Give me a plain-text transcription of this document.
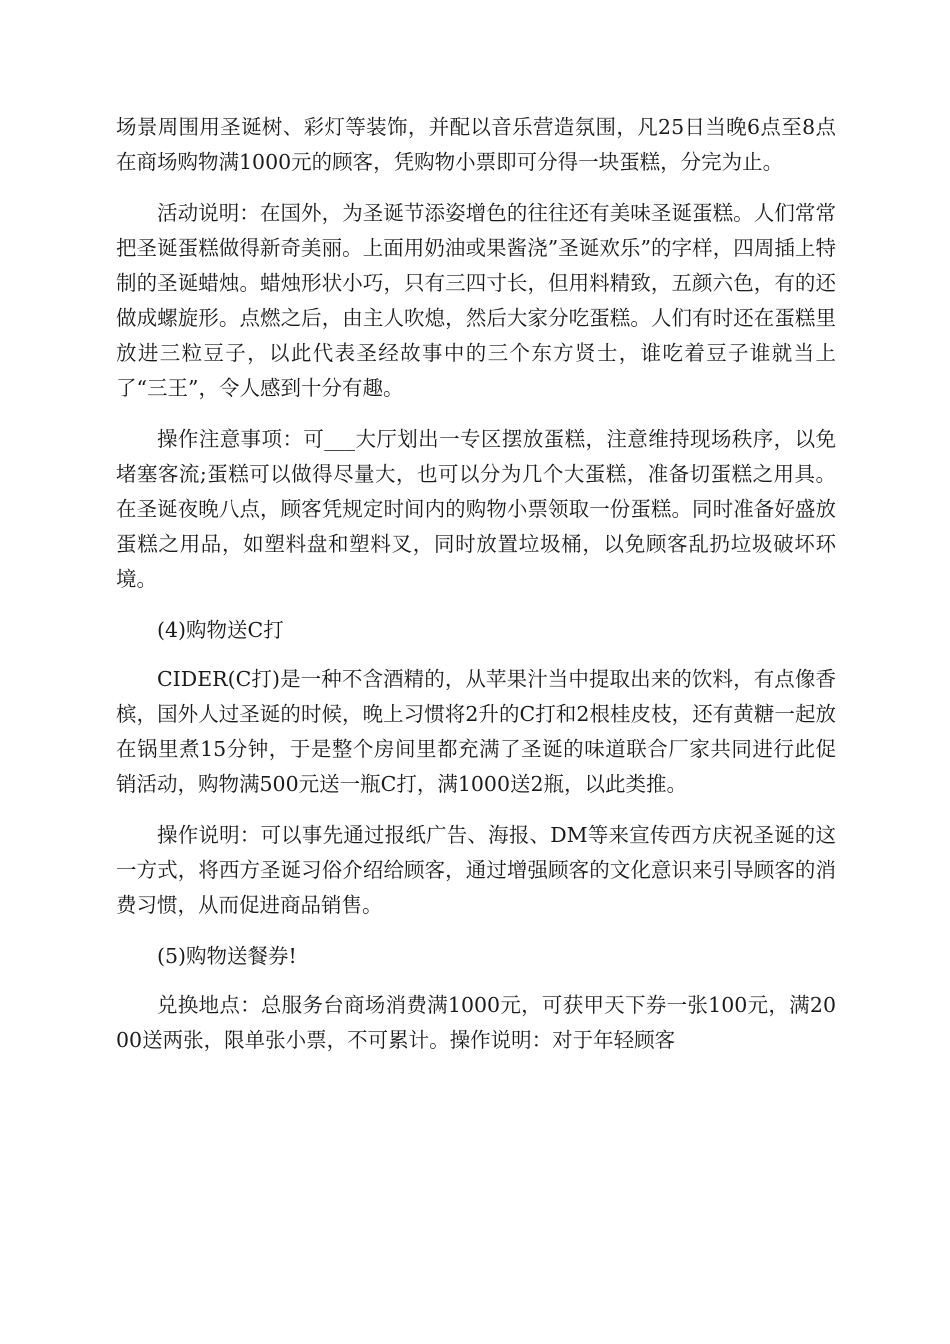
场景周围用圣诞树、彩灯等装饰，并配以音乐营造氛围，凡25日当晚6点至8点在商场购物满1000元的顾客，凭购物小票即可分得一块蛋糕，分完为止。

活动说明：在国外，为圣诞节添姿增色的往往还有美味圣诞蛋糕。人们常常把圣诞蛋糕做得新奇美丽。上面用奶油或果酱浇”圣诞欢乐”的字样，四周插上特制的圣诞蜡烛。蜡烛形状小巧，只有三四寸长，但用料精致，五颜六色，有的还做成螺旋形。点燃之后，由主人吹熄，然后大家分吃蛋糕。人们有时还在蛋糕里放进三粒豆子，以此代表圣经故事中的三个东方贤士，谁吃着豆子谁就当上了“三王”，令人感到十分有趣。

操作注意事项：可___大厅划出一专区摆放蛋糕，注意维持现场秩序，以免堵塞客流;蛋糕可以做得尽量大，也可以分为几个大蛋糕，准备切蛋糕之用具。在圣诞夜晚八点，顾客凭规定时间内的购物小票领取一份蛋糕。同时准备好盛放蛋糕之用品，如塑料盘和塑料叉，同时放置垃圾桶，以免顾客乱扔垃圾破坏环境。

(4)购物送C打

CIDER(C打)是一种不含酒精的，从苹果汁当中提取出来的饮料，有点像香槟，国外人过圣诞的时候，晚上习惯将2升的C打和2根桂皮枝，还有黄糖一起放在锅里煮15分钟，于是整个房间里都充满了圣诞的味道联合厂家共同进行此促销活动，购物满500元送一瓶C打，满1000送2瓶，以此类推。

操作说明：可以事先通过报纸广告、海报、DM等来宣传西方庆祝圣诞的这一方式，将西方圣诞习俗介绍给顾客，通过增强顾客的文化意识来引导顾客的消费习惯，从而促进商品销售。

(5)购物送餐券!

兑换地点：总服务台商场消费满1000元，可获甲天下券一张100元，满2000送两张，限单张小票，不可累计。操作说明：对于年轻顾客
